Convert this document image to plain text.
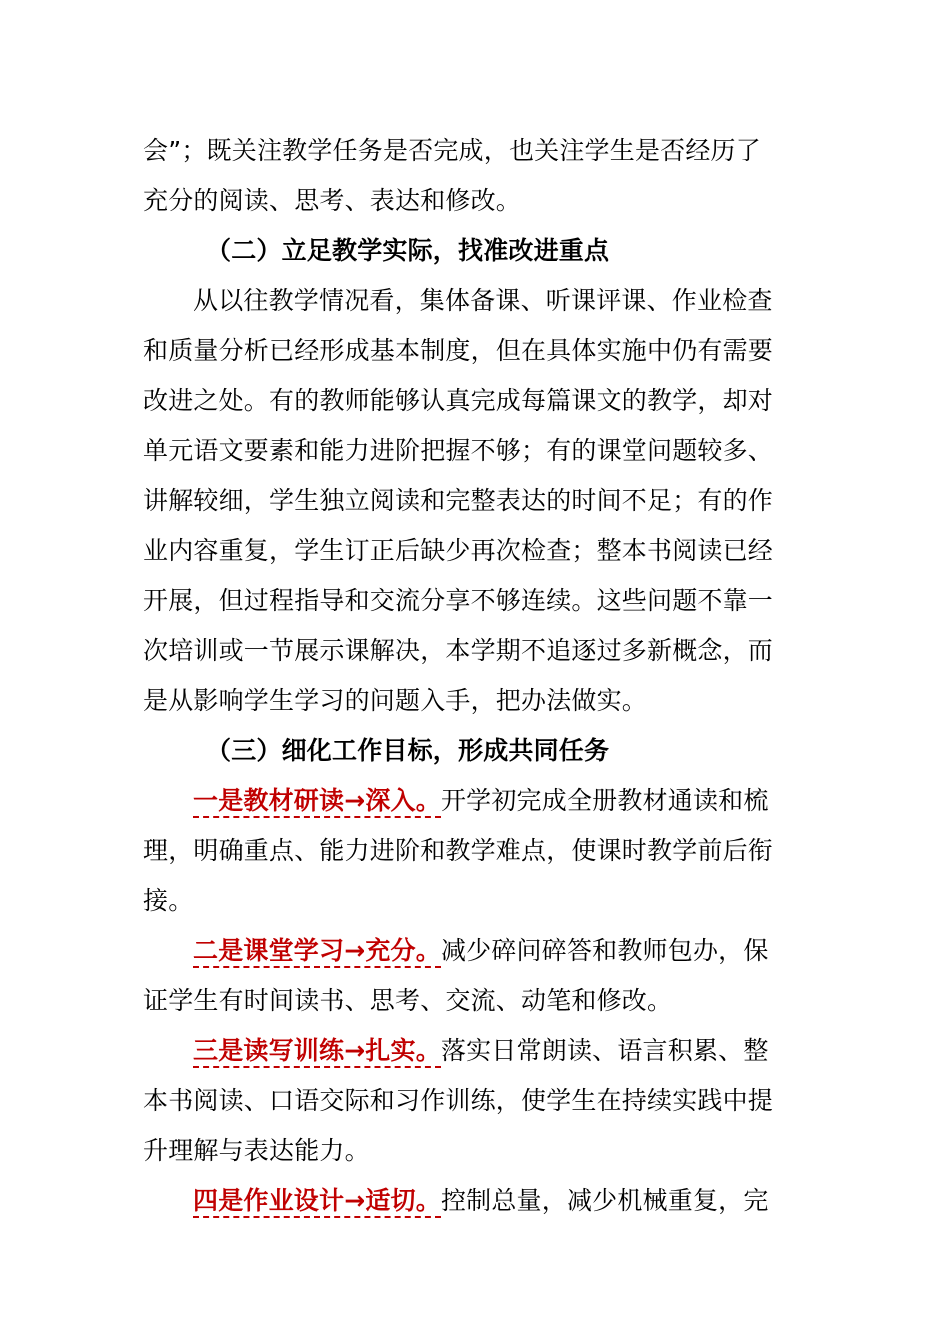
会”；既关注教学任务是否完成，也关注学生是否经历了
充分的阅读、思考、表达和修改。
（二）立足教学实际，找准改进重点
从以往教学情况看，集体备课、听课评课、作业检查
和质量分析已经形成基本制度，但在具体实施中仍有需要
改进之处。有的教师能够认真完成每篇课文的教学，却对
单元语文要素和能力进阶把握不够；有的课堂问题较多、
讲解较细，学生独立阅读和完整表达的时间不足；有的作
业内容重复，学生订正后缺少再次检查；整本书阅读已经
开展，但过程指导和交流分享不够连续。这些问题不靠一
次培训或一节展示课解决，本学期不追逐过多新概念，而
是从影响学生学习的问题入手，把办法做实。
（三）细化工作目标，形成共同任务
一是教材研读→深入。开学初完成全册教材通读和梳
理，明确重点、能力进阶和教学难点，使课时教学前后衔
接。
二是课堂学习→充分。减少碎问碎答和教师包办，保
证学生有时间读书、思考、交流、动笔和修改。
三是读写训练→扎实。落实日常朗读、语言积累、整
本书阅读、口语交际和习作训练，使学生在持续实践中提
升理解与表达能力。
四是作业设计→适切。控制总量，减少机械重复，完
